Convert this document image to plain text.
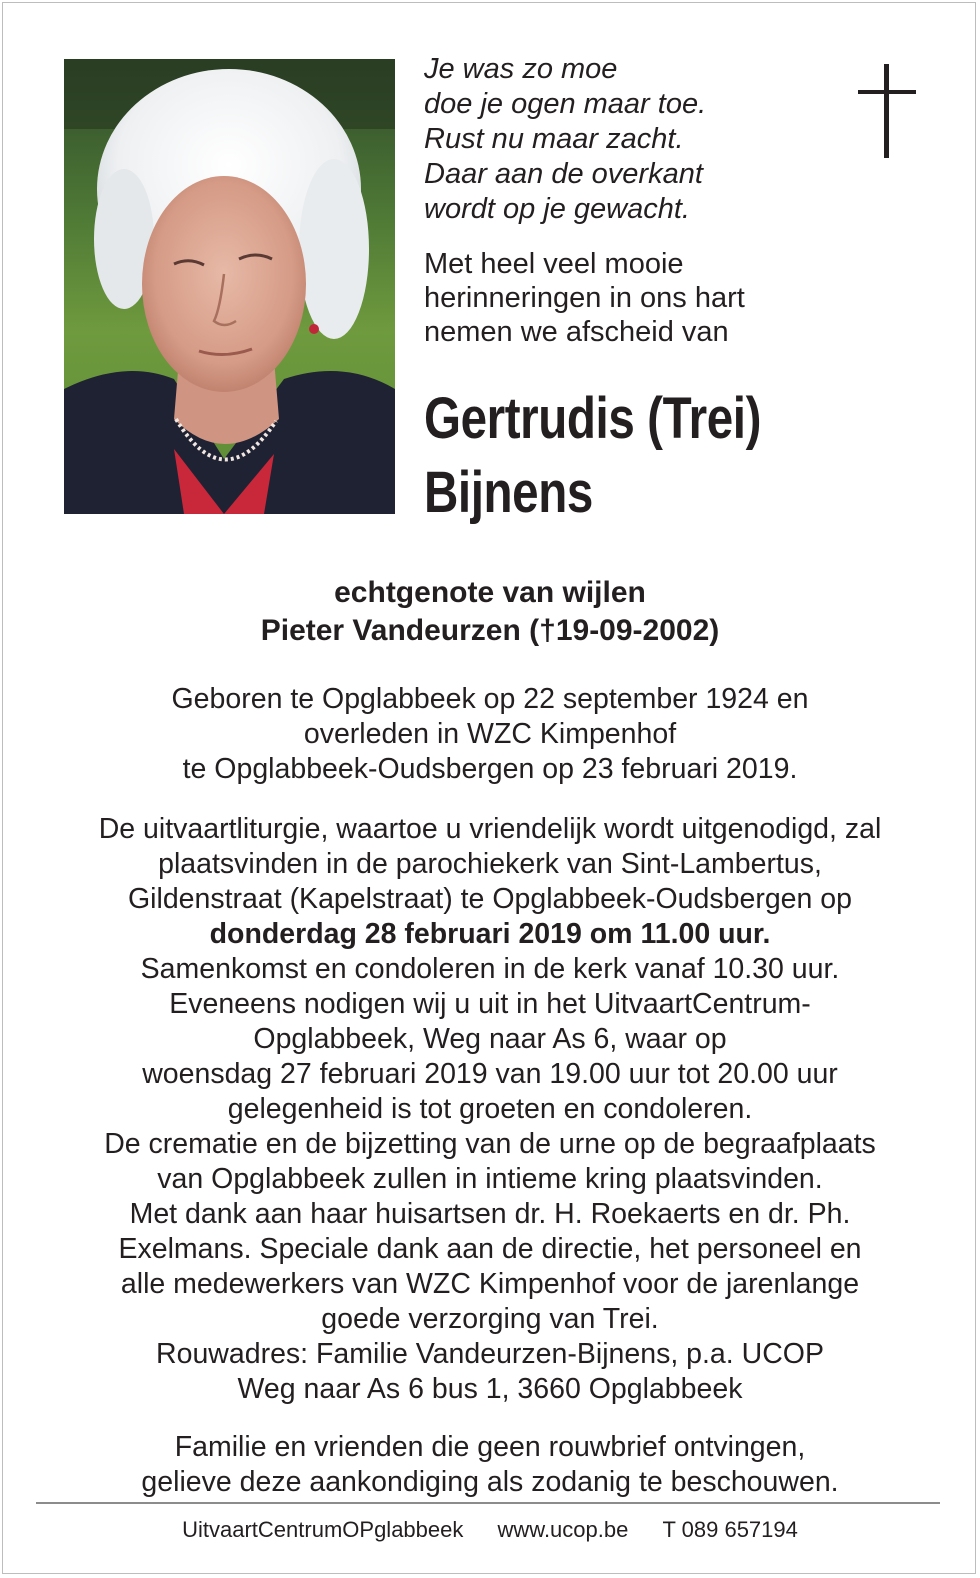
Je was zo moe
doe je ogen maar toe.
Rust nu maar zacht.
Daar aan de overkant
wordt op je gewacht.
Met heel veel mooie
herinneringen in ons hart
nemen we afscheid van
Gertrudis (Trei)
Bijnens
echtgenote van wijlen
Pieter Vandeurzen (†19-09-2002)
Geboren te Opglabbeek op 22 september 1924 en
overleden in WZC Kimpenhof
te Opglabbeek-Oudsbergen op 23 februari 2019.
De uitvaartliturgie, waartoe u vriendelijk wordt uitgenodigd, zal
plaatsvinden in de parochiekerk van Sint-Lambertus,
Gildenstraat (Kapelstraat) te Opglabbeek-Oudsbergen op
donderdag 28 februari 2019 om 11.00 uur.
Samenkomst en condoleren in de kerk vanaf 10.30 uur.
Eveneens nodigen wij u uit in het UitvaartCentrum-
Opglabbeek, Weg naar As 6, waar op
woensdag 27 februari 2019 van 19.00 uur tot 20.00 uur
gelegenheid is tot groeten en condoleren.
De crematie en de bijzetting van de urne op de begraafplaats
van Opglabbeek zullen in intieme kring plaatsvinden.
Met dank aan haar huisartsen dr. H. Roekaerts en dr. Ph.
Exelmans. Speciale dank aan de directie, het personeel en
alle medewerkers van WZC Kimpenhof voor de jarenlange
goede verzorging van Trei.
Rouwadres: Familie Vandeurzen-Bijnens, p.a. UCOP
Weg naar As 6 bus 1, 3660 Opglabbeek
Familie en vrienden die geen rouwbrief ontvingen,
gelieve deze aankondiging als zodanig te beschouwen.
UitvaartCentrumOPglabbeek www.ucop.be T 089 657194
